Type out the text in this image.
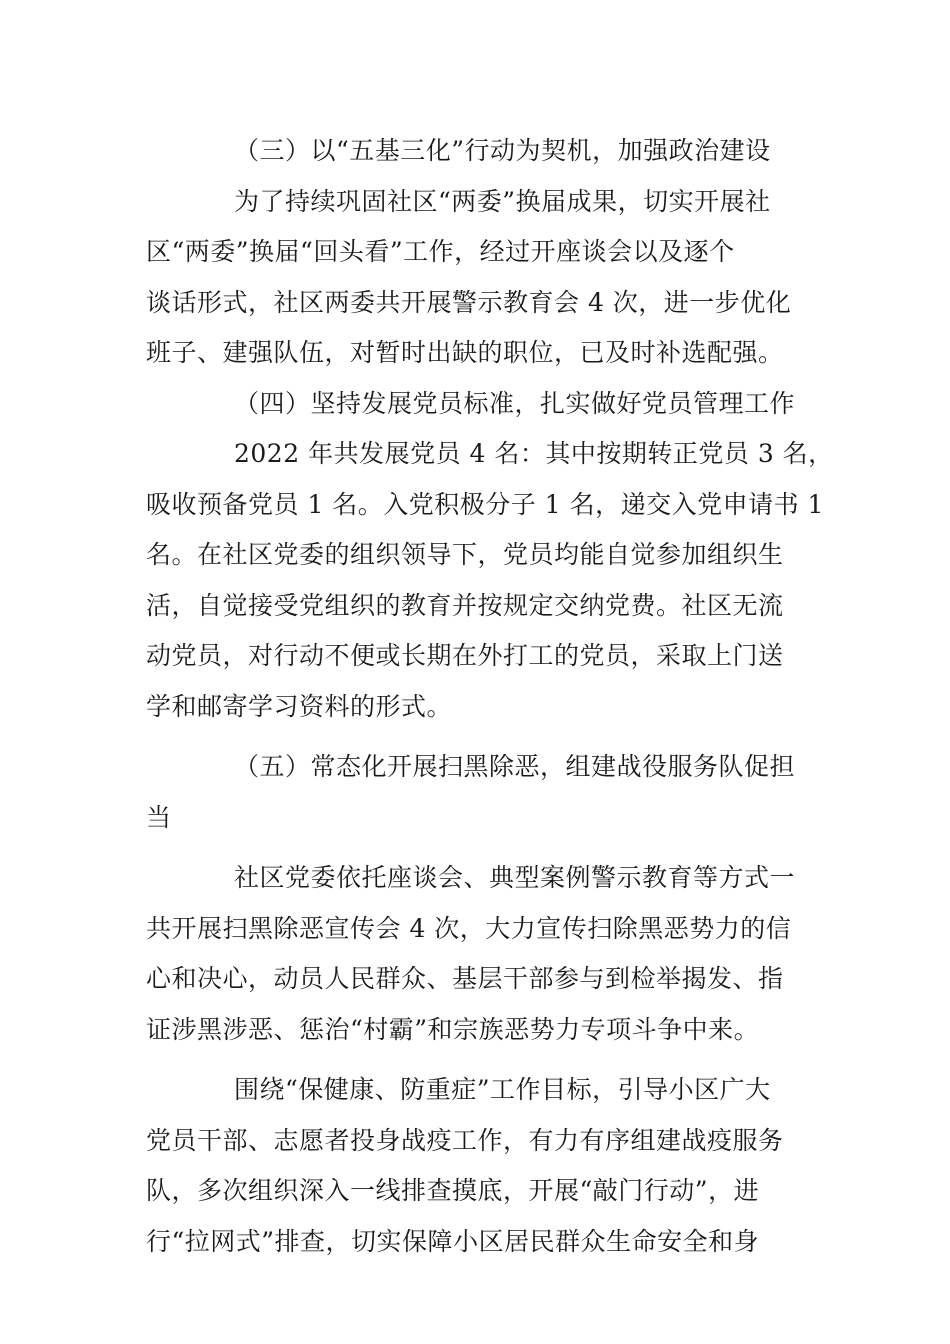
（三）以“五基三化”行动为契机，加强政治建设
为了持续巩固社区“两委”换届成果，切实开展社
区“两委”换届“回头看”工作，经过开座谈会以及逐个
谈话形式，社区两委共开展警示教育会 4 次，进一步优化
班子、建强队伍，对暂时出缺的职位，已及时补选配强。
（四）坚持发展党员标准，扎实做好党员管理工作
2022 年共发展党员 4 名：其中按期转正党员 3 名，
吸收预备党员 1 名。入党积极分子 1 名，递交入党申请书 1
名。在社区党委的组织领导下，党员均能自觉参加组织生
活，自觉接受党组织的教育并按规定交纳党费。社区无流
动党员，对行动不便或长期在外打工的党员，采取上门送
学和邮寄学习资料的形式。
（五）常态化开展扫黑除恶，组建战役服务队促担
当
社区党委依托座谈会、典型案例警示教育等方式一
共开展扫黑除恶宣传会 4 次，大力宣传扫除黑恶势力的信
心和决心，动员人民群众、基层干部参与到检举揭发、指
证涉黑涉恶、惩治“村霸”和宗族恶势力专项斗争中来。
围绕“保健康、防重症”工作目标，引导小区广大
党员干部、志愿者投身战疫工作，有力有序组建战疫服务
队，多次组织深入一线排查摸底，开展“敲门行动”，进
行“拉网式”排查，切实保障小区居民群众生命安全和身
